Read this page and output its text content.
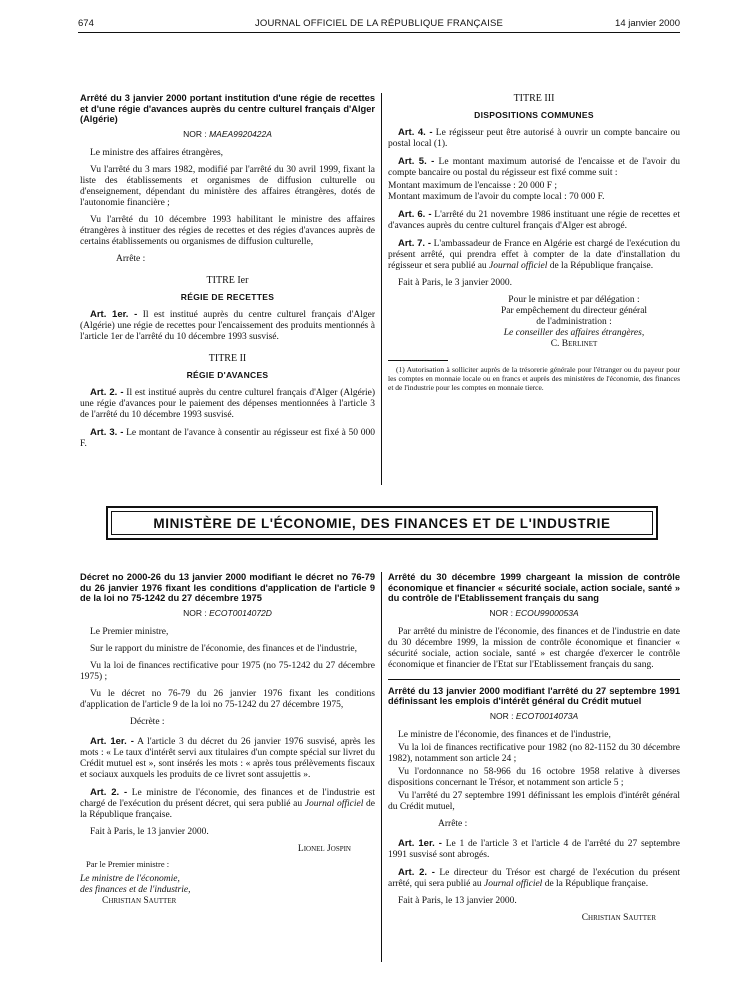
674	JOURNAL OFFICIEL DE LA RÉPUBLIQUE FRANÇAISE	14 janvier 2000

Arrêté du 3 janvier 2000 portant institution d'une régie de recettes et d'une régie d'avances auprès du centre culturel français d'Alger (Algérie)

NOR : MAEA9920422A

Le ministre des affaires étrangères,

Vu l'arrêté du 3 mars 1982, modifié par l'arrêté du 30 avril 1999, fixant la liste des établissements et organismes de diffusion culturelle ou d'enseignement, dépendant du ministère des affaires étrangères, dotés de l'autonomie financière ;

Vu l'arrêté du 10 décembre 1993 habilitant le ministre des affaires étrangères à instituer des régies de recettes et des régies d'avances auprès de certains établissements ou organismes de diffusion culturelle,

Arrête :

TITRE Ier

RÉGIE DE RECETTES

Art. 1er. - Il est institué auprès du centre culturel français d'Alger (Algérie) une régie de recettes pour l'encaissement des produits mentionnés à l'article 1er de l'arrêté du 10 décembre 1993 susvisé.

TITRE II

RÉGIE D'AVANCES

Art. 2. - Il est institué auprès du centre culturel français d'Alger (Algérie) une régie d'avances pour le paiement des dépenses mentionnées à l'article 3 de l'arrêté du 10 décembre 1993 susvisé.

Art. 3. - Le montant de l'avance à consentir au régisseur est fixé à 50 000 F.

TITRE III

DISPOSITIONS COMMUNES

Art. 4. - Le régisseur peut être autorisé à ouvrir un compte bancaire ou postal local (1).

Art. 5. - Le montant maximum autorisé de l'encaisse et de l'avoir du compte bancaire ou postal du régisseur est fixé comme suit :

Montant maximum de l'encaisse : 20 000 F ;

Montant maximum de l'avoir du compte local : 70 000 F.

Art. 6. - L'arrêté du 21 novembre 1986 instituant une régie de recettes et d'avances auprès du centre culturel français d'Alger est abrogé.

Art. 7. - L'ambassadeur de France en Algérie est chargé de l'exécution du présent arrêté, qui prendra effet à compter de la date d'installation du régisseur et sera publié au Journal officiel de la République française.

Fait à Paris, le 3 janvier 2000.

Pour le ministre et par délégation :

Par empêchement du directeur général

de l'administration :

Le conseiller des affaires étrangères,

C. Berlinet

(1) Autorisation à solliciter auprès de la trésorerie générale pour l'étranger ou du payeur pour les comptes en monnaie locale ou en francs et auprès des ministères de l'économie, des finances et de l'industrie pour les comptes en monnaie tierce.

MINISTÈRE DE L'ÉCONOMIE, DES FINANCES ET DE L'INDUSTRIE

Décret no 2000-26 du 13 janvier 2000 modifiant le décret no 76-79 du 26 janvier 1976 fixant les conditions d'application de l'article 9 de la loi no 75-1242 du 27 décembre 1975

NOR : ECOT0014072D

Le Premier ministre,

Sur le rapport du ministre de l'économie, des finances et de l'industrie,

Vu la loi de finances rectificative pour 1975 (no 75-1242 du 27 décembre 1975) ;

Vu le décret no 76-79 du 26 janvier 1976 fixant les conditions d'application de l'article 9 de la loi no 75-1242 du 27 décembre 1975,

Décrète :

Art. 1er. - A l'article 3 du décret du 26 janvier 1976 susvisé, après les mots : « Le taux d'intérêt servi aux titulaires d'un compte spécial sur livret du Crédit mutuel est », sont insérés les mots : « après tous prélèvements fiscaux et sociaux auxquels les produits de ce livret sont assujettis ».

Art. 2. - Le ministre de l'économie, des finances et de l'industrie est chargé de l'exécution du présent décret, qui sera publié au Journal officiel de la République française.

Fait à Paris, le 13 janvier 2000.

Lionel Jospin

Par le Premier ministre :

Le ministre de l'économie,

des finances et de l'industrie,

Christian Sautter

Arrêté du 30 décembre 1999 chargeant la mission de contrôle économique et financier « sécurité sociale, action sociale, santé » du contrôle de l'Etablissement français du sang

NOR : ECOU9900053A

Par arrêté du ministre de l'économie, des finances et de l'industrie en date du 30 décembre 1999, la mission de contrôle économique et financier « sécurité sociale, action sociale, santé » est chargée d'exercer le contrôle économique et financier de l'Etat sur l'Etablissement français du sang.

Arrêté du 13 janvier 2000 modifiant l'arrêté du 27 septembre 1991 définissant les emplois d'intérêt général du Crédit mutuel

NOR : ECOT0014073A

Le ministre de l'économie, des finances et de l'industrie,

Vu la loi de finances rectificative pour 1982 (no 82-1152 du 30 décembre 1982), notamment son article 24 ;

Vu l'ordonnance no 58-966 du 16 octobre 1958 relative à diverses dispositions concernant le Trésor, et notamment son article 5 ;

Vu l'arrêté du 27 septembre 1991 définissant les emplois d'intérêt général du Crédit mutuel,

Arrête :

Art. 1er. - Le 1 de l'article 3 et l'article 4 de l'arrêté du 27 septembre 1991 susvisé sont abrogés.

Art. 2. - Le directeur du Trésor est chargé de l'exécution du présent arrêté, qui sera publié au Journal officiel de la République française.

Fait à Paris, le 13 janvier 2000.

Christian Sautter
